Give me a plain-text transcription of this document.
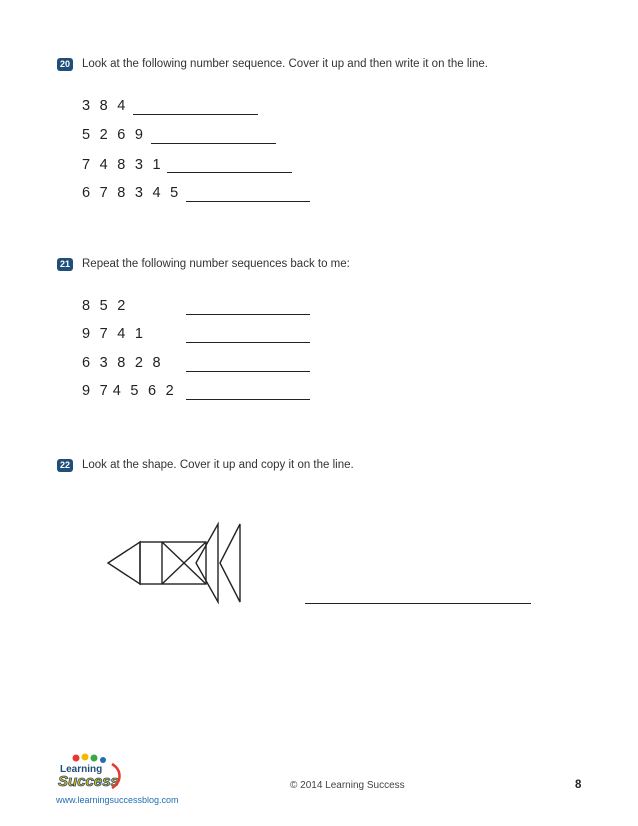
20 Look at the following number sequence. Cover it up and then write it on the line.
3  8  4
5  2  6  9
7  4  8  3  1
6  7  8  3  4  5
21 Repeat the following number sequences back to me:
8  5  2
9  7  4  1
6  3  8  2  8
9  7 4  5  6  2
22 Look at the shape. Cover it up and copy it on the line.
Learning
Success
www.learningsuccessblog.com
© 2014 Learning Success	8
